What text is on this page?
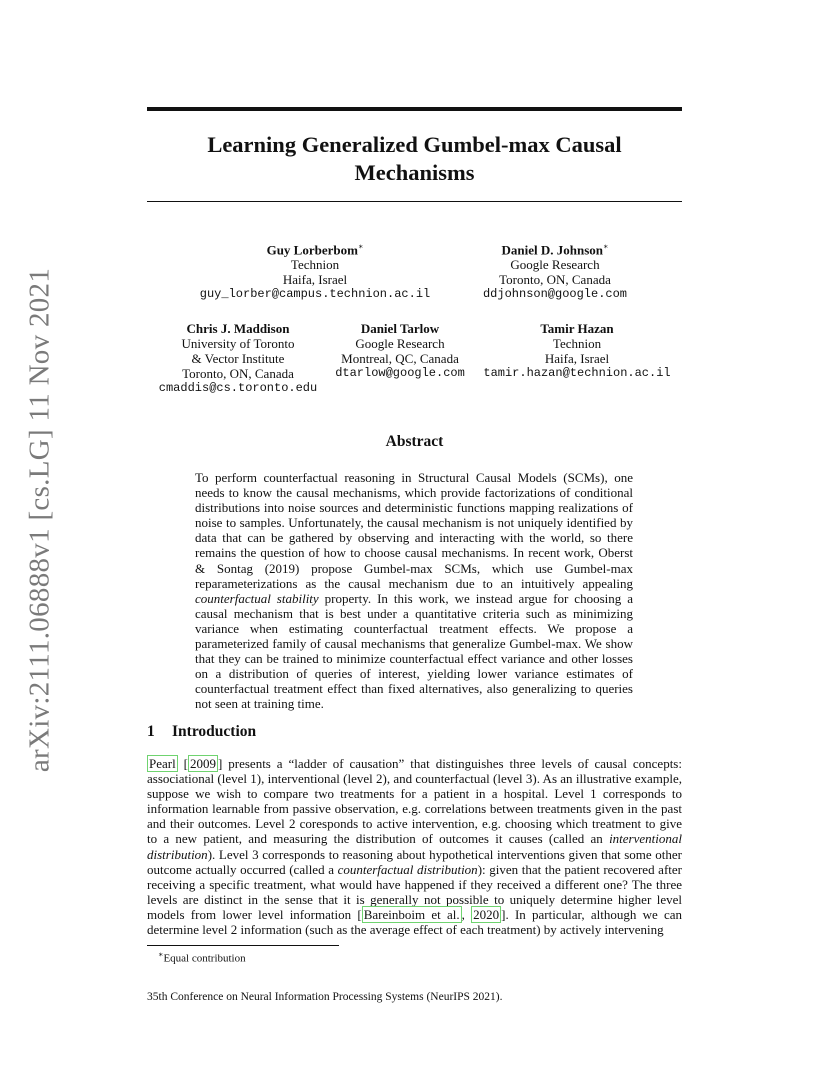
arXiv:2111.06888v1 [cs.LG] 11 Nov 2021
Learning Generalized Gumbel-max Causal Mechanisms
Guy Lorberbom∗
Technion
Haifa, Israel
guy_lorber@campus.technion.ac.il
Daniel D. Johnson∗
Google Research
Toronto, ON, Canada
ddjohnson@google.com
Chris J. Maddison
University of Toronto
& Vector Institute
Toronto, ON, Canada
cmaddis@cs.toronto.edu
Daniel Tarlow
Google Research
Montreal, QC, Canada
dtarlow@google.com
Tamir Hazan
Technion
Haifa, Israel
tamir.hazan@technion.ac.il
Abstract
To perform counterfactual reasoning in Structural Causal Models (SCMs), one needs to know the causal mechanisms, which provide factorizations of conditional distributions into noise sources and deterministic functions mapping realizations of noise to samples. Unfortunately, the causal mechanism is not uniquely identified by data that can be gathered by observing and interacting with the world, so there remains the question of how to choose causal mechanisms. In recent work, Oberst & Sontag (2019) propose Gumbel-max SCMs, which use Gumbel-max reparameterizations as the causal mechanism due to an intuitively appealing counterfactual stability property. In this work, we instead argue for choosing a causal mechanism that is best under a quantitative criteria such as minimizing variance when estimating counterfactual treatment effects. We propose a parameterized family of causal mechanisms that generalize Gumbel-max. We show that they can be trained to minimize counterfactual effect variance and other losses on a distribution of queries of interest, yielding lower variance estimates of counterfactual treatment effect than fixed alternatives, also generalizing to queries not seen at training time.
1 Introduction
Pearl [ 2009 ] presents a “ladder of causation” that distinguishes three levels of causal concepts: associational (level 1), interventional (level 2), and counterfactual (level 3). As an illustrative example, suppose we wish to compare two treatments for a patient in a hospital. Level 1 corresponds to information learnable from passive observation, e.g. correlations between treatments given in the past and their outcomes. Level 2 coresponds to active intervention, e.g. choosing which treatment to give to a new patient, and measuring the distribution of outcomes it causes (called an interventional distribution). Level 3 corresponds to reasoning about hypothetical interventions given that some other outcome actually occurred (called a counterfactual distribution): given that the patient recovered after receiving a specific treatment, what would have happened if they received a different one? The three levels are distinct in the sense that it is generally not possible to uniquely determine higher level models from lower level information [ Bareinboim et al. , 2020 ]. In particular, although we can determine level 2 information (such as the average effect of each treatment) by actively intervening
∗Equal contribution
35th Conference on Neural Information Processing Systems (NeurIPS 2021).
